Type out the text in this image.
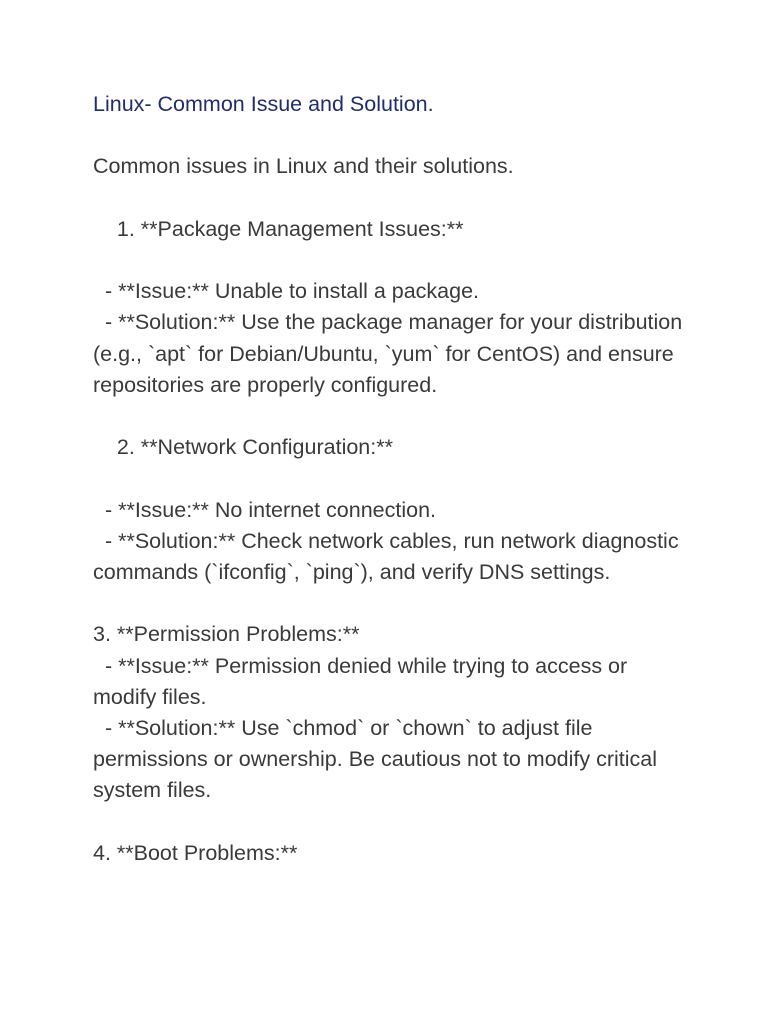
Linux- Common Issue and Solution.

Common issues in Linux and their solutions.

1. **Package Management Issues:**

- **Issue:** Unable to install a package.

- **Solution:** Use the package manager for your distribution (e.g., `apt` for Debian/Ubuntu, `yum` for CentOS) and ensure repositories are properly configured.

2. **Network Configuration:**

- **Issue:** No internet connection.

- **Solution:** Check network cables, run network diagnostic commands (`ifconfig`, `ping`), and verify DNS settings.

3. **Permission Problems:**

- **Issue:** Permission denied while trying to access or modify files.

- **Solution:** Use `chmod` or `chown` to adjust file permissions or ownership. Be cautious not to modify critical system files.

4. **Boot Problems:**
